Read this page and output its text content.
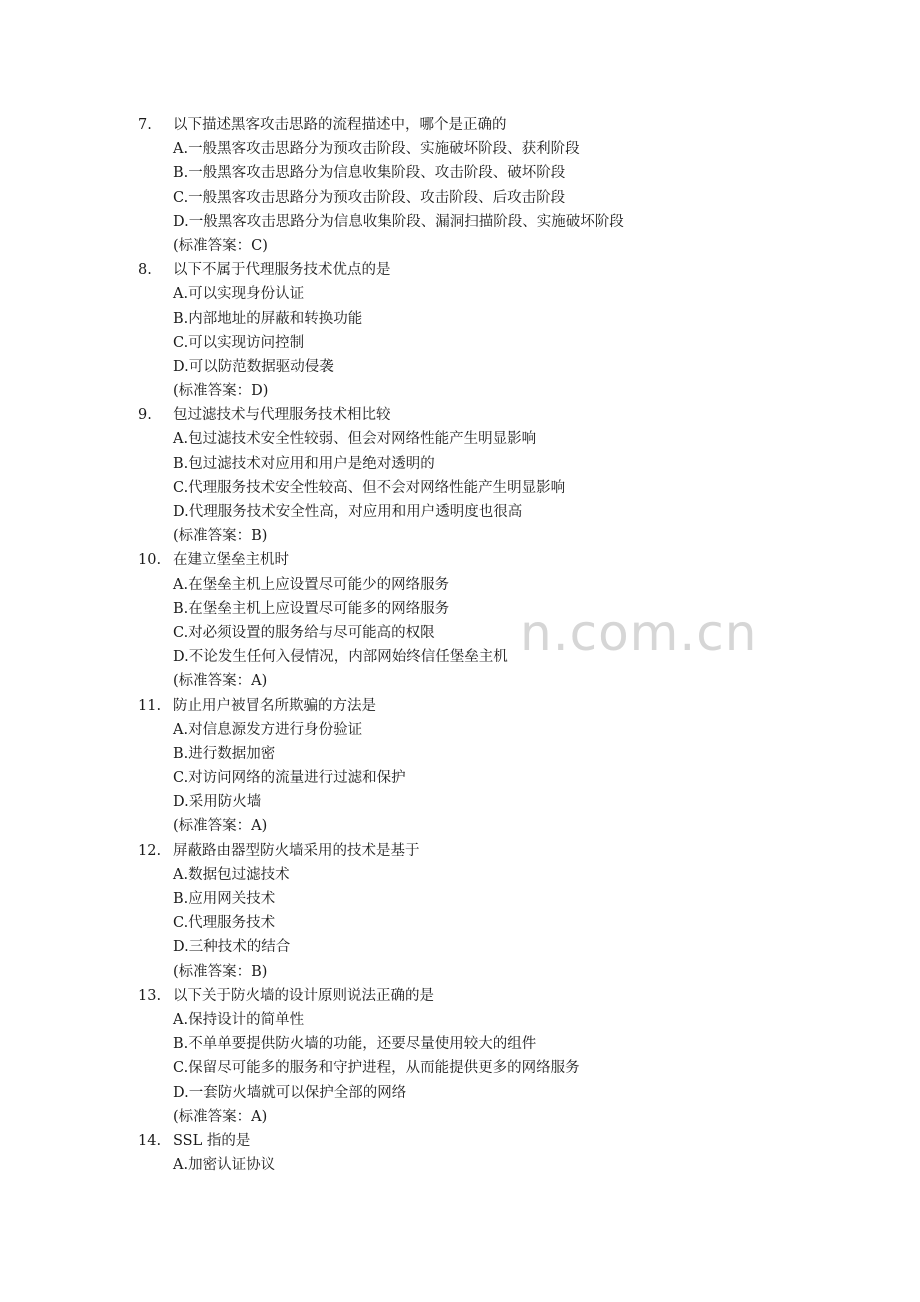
7. 以下描述黑客攻击思路的流程描述中，哪个是正确的
A.一般黑客攻击思路分为预攻击阶段、实施破坏阶段、获利阶段
B.一般黑客攻击思路分为信息收集阶段、攻击阶段、破坏阶段
C.一般黑客攻击思路分为预攻击阶段、攻击阶段、后攻击阶段
D.一般黑客攻击思路分为信息收集阶段、漏洞扫描阶段、实施破坏阶段
(标准答案：C)
8. 以下不属于代理服务技术优点的是
A.可以实现身份认证
B.内部地址的屏蔽和转换功能
C.可以实现访问控制
D.可以防范数据驱动侵袭
(标准答案：D)
9. 包过滤技术与代理服务技术相比较
A.包过滤技术安全性较弱、但会对网络性能产生明显影响
B.包过滤技术对应用和用户是绝对透明的
C.代理服务技术安全性较高、但不会对网络性能产生明显影响
D.代理服务技术安全性高，对应用和用户透明度也很高
(标准答案：B)
10. 在建立堡垒主机时
A.在堡垒主机上应设置尽可能少的网络服务
B.在堡垒主机上应设置尽可能多的网络服务
C.对必须设置的服务给与尽可能高的权限
D.不论发生任何入侵情况，内部网始终信任堡垒主机
(标准答案：A)
11. 防止用户被冒名所欺骗的方法是
A.对信息源发方进行身份验证
B.进行数据加密
C.对访问网络的流量进行过滤和保护
D.采用防火墙
(标准答案：A)
12. 屏蔽路由器型防火墙采用的技术是基于
A.数据包过滤技术
B.应用网关技术
C.代理服务技术
D.三种技术的结合
(标准答案：B)
13. 以下关于防火墙的设计原则说法正确的是
A.保持设计的简单性
B.不单单要提供防火墙的功能，还要尽量使用较大的组件
C.保留尽可能多的服务和守护进程，从而能提供更多的网络服务
D.一套防火墙就可以保护全部的网络
(标准答案：A)
14. SSL 指的是
A.加密认证协议
n.com.cn
